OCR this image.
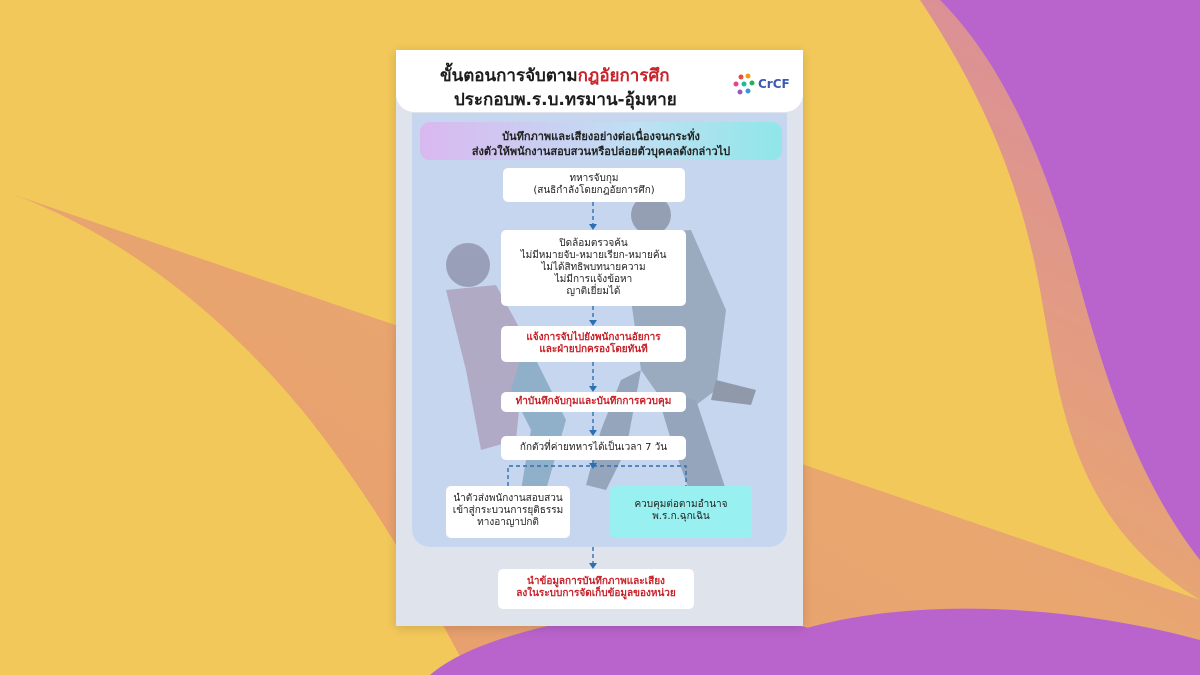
ขั้นตอนการจับตามกฎอัยการศึก
ประกอบพ.ร.บ.ทรมาน-อุ้มหาย
CrCF
บันทึกภาพและเสียงอย่างต่อเนื่องจนกระทั่ง
ส่งตัวให้พนักงานสอบสวนหรือปล่อยตัวบุคคลดังกล่าวไป
ทหารจับกุม
(สนธิกำลังโดยกฎอัยการศึก)
ปิดล้อมตรวจค้น
ไม่มีหมายจับ-หมายเรียก-หมายค้น
ไม่ได้สิทธิพบทนายความ
ไม่มีการแจ้งข้อหา
ญาติเยี่ยมได้
แจ้งการจับไปยังพนักงานอัยการ
และฝ่ายปกครองโดยทันที
ทำบันทึกจับกุมและบันทึกการควบคุม
กักตัวที่ค่ายทหารได้เป็นเวลา 7 วัน
นำตัวส่งพนักงานสอบสวน
เข้าสู่กระบวนการยุติธรรม
ทางอาญาปกติ
ควบคุมต่อตามอำนาจ
พ.ร.ก.ฉุกเฉิน
นำข้อมูลการบันทึกภาพและเสียง
ลงในระบบการจัดเก็บข้อมูลของหน่วย
